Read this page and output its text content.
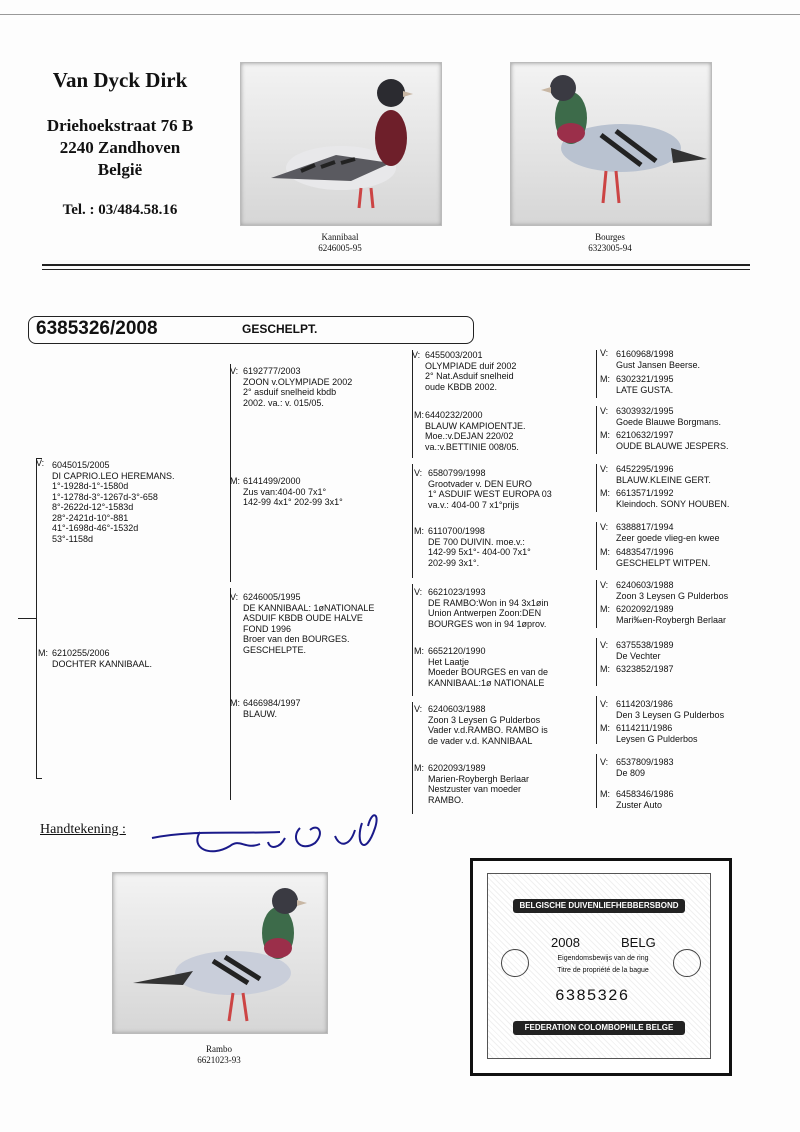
Van Dyck Dirk
Driehoekstraat 76 B
2240 Zandhoven
België
Tel. : 03/484.58.16
Kannibaal
6246005-95
Bourges
6323005-94
6385326/2008	GESCHELPT.
V: 6045015/2005
DI CAPRIO.LEO HEREMANS.
1°-1928d-1°-1580d
1°-1278d-3°-1267d-3°-658
8°-2622d-12°-1583d
28°-2421d-10°-881
41°-1698d-46°-1532d
53°-1158d
M: 6210255/2006
DOCHTER KANNIBAAL.
V: 6192777/2003
ZOON v.OLYMPIADE 2002
2° asduif snelheid kbdb
2002. va.: v. 015/05.
M: 6141499/2000
Zus van:404-00 7x1°
142-99 4x1° 202-99 3x1°
V: 6246005/1995
DE KANNIBAAL: 1øNATIONALE
ASDUIF KBDB OUDE HALVE
FOND 1996
Broer van den BOURGES.
GESCHELPTE.
M: 6466984/1997
BLAUW.
V: 6455003/2001
OLYMPIADE duif 2002
2° Nat.Asduif snelheid
oude KBDB 2002.
M: 6440232/2000
BLAUW KAMPIOENTJE.
Moe.:v.DEJAN 220/02
va.:v.BETTINIE 008/05.
V: 6580799/1998
Grootvader v. DEN EURO
1° ASDUIF WEST EUROPA 03
va.v.: 404-00 7 x1°prijs
M: 6110700/1998
DE 700 DUIVIN. moe.v.:
142-99 5x1°- 404-00 7x1°
202-99 3x1°.
V: 6621023/1993
DE RAMBO:Won in 94 3x1øin
Union Antwerpen Zoon:DEN
BOURGES won in 94 1øprov.
M: 6652120/1990
Het Laatje
Moeder BOURGES en van de
KANNIBAAL:1ø NATIONALE
V: 6240603/1988
Zoon 3 Leysen G Pulderbos
Vader v.d.RAMBO. RAMBO is
de vader v.d. KANNIBAAL
M: 6202093/1989
Marien-Roybergh Berlaar
Nestzuster van moeder
RAMBO.
V: 6160968/1998
Gust Jansen Beerse.
M: 6302321/1995
LATE GUSTA.
V: 6303932/1995
Goede Blauwe Borgmans.
M: 6210632/1997
OUDE BLAUWE JESPERS.
V: 6452295/1996
BLAUW.KLEINE GERT.
M: 6613571/1992
Kleindoch. SONY HOUBEN.
V: 6388817/1994
Zeer goede vlieg-en kwee
M: 6483547/1996
GESCHELPT WITPEN.
V: 6240603/1988
Zoon 3 Leysen G Pulderbos
M: 6202092/1989
Mari‰en-Roybergh Berlaar
V: 6375538/1989
De Vechter
M: 6323852/1987
V: 6114203/1986
Den 3 Leysen G Pulderbos
M: 6114211/1986
Leysen G Pulderbos
V: 6537809/1983
De 809
M: 6458346/1986
Zuster Auto
Handtekening :
Rambo
6621023-93
BELGISCHE DUIVENLIEFHEBBERSBOND
2008	BELG
Eigendomsbewijs van de ring
Titre de propriété de la bague
6385326
FEDERATION COLOMBOPHILE BELGE
